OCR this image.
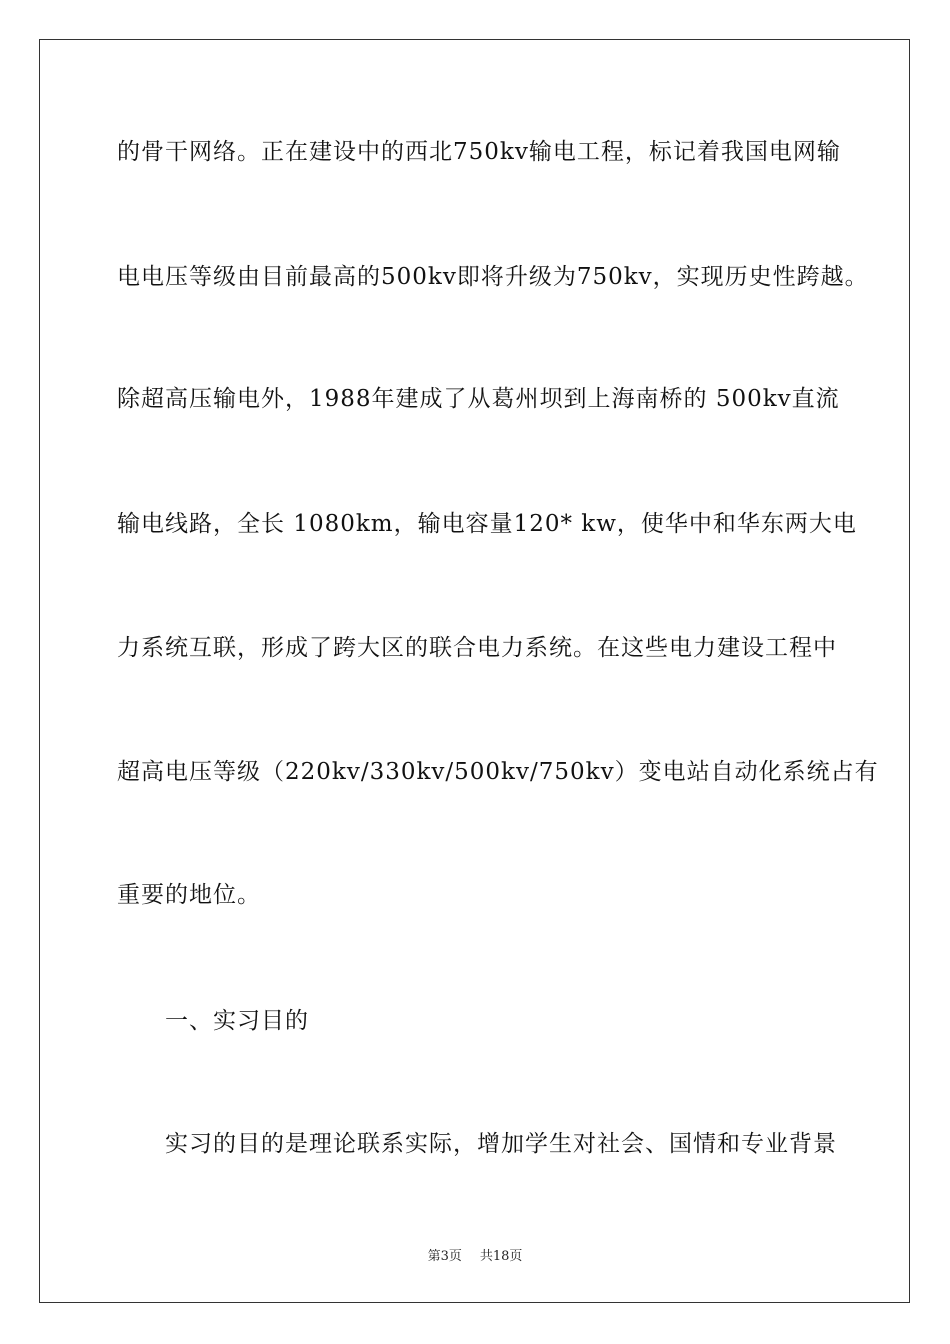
的骨干网络。正在建设中的西北750kv输电工程，标记着我国电网输
电电压等级由目前最高的500kv即将升级为750kv，实现历史性跨越。
除超高压输电外，1988年建成了从葛州坝到上海南桥的 500kv直流
输电线路，全长 1080km，输电容量120* kw，使华中和华东两大电
力系统互联，形成了跨大区的联合电力系统。在这些电力建设工程中
超高电压等级（220kv/330kv/500kv/750kv）变电站自动化系统占有
重要的地位。
一、实习目的
实习的目的是理论联系实际，增加学生对社会、国情和专业背景
第3页 共18页
